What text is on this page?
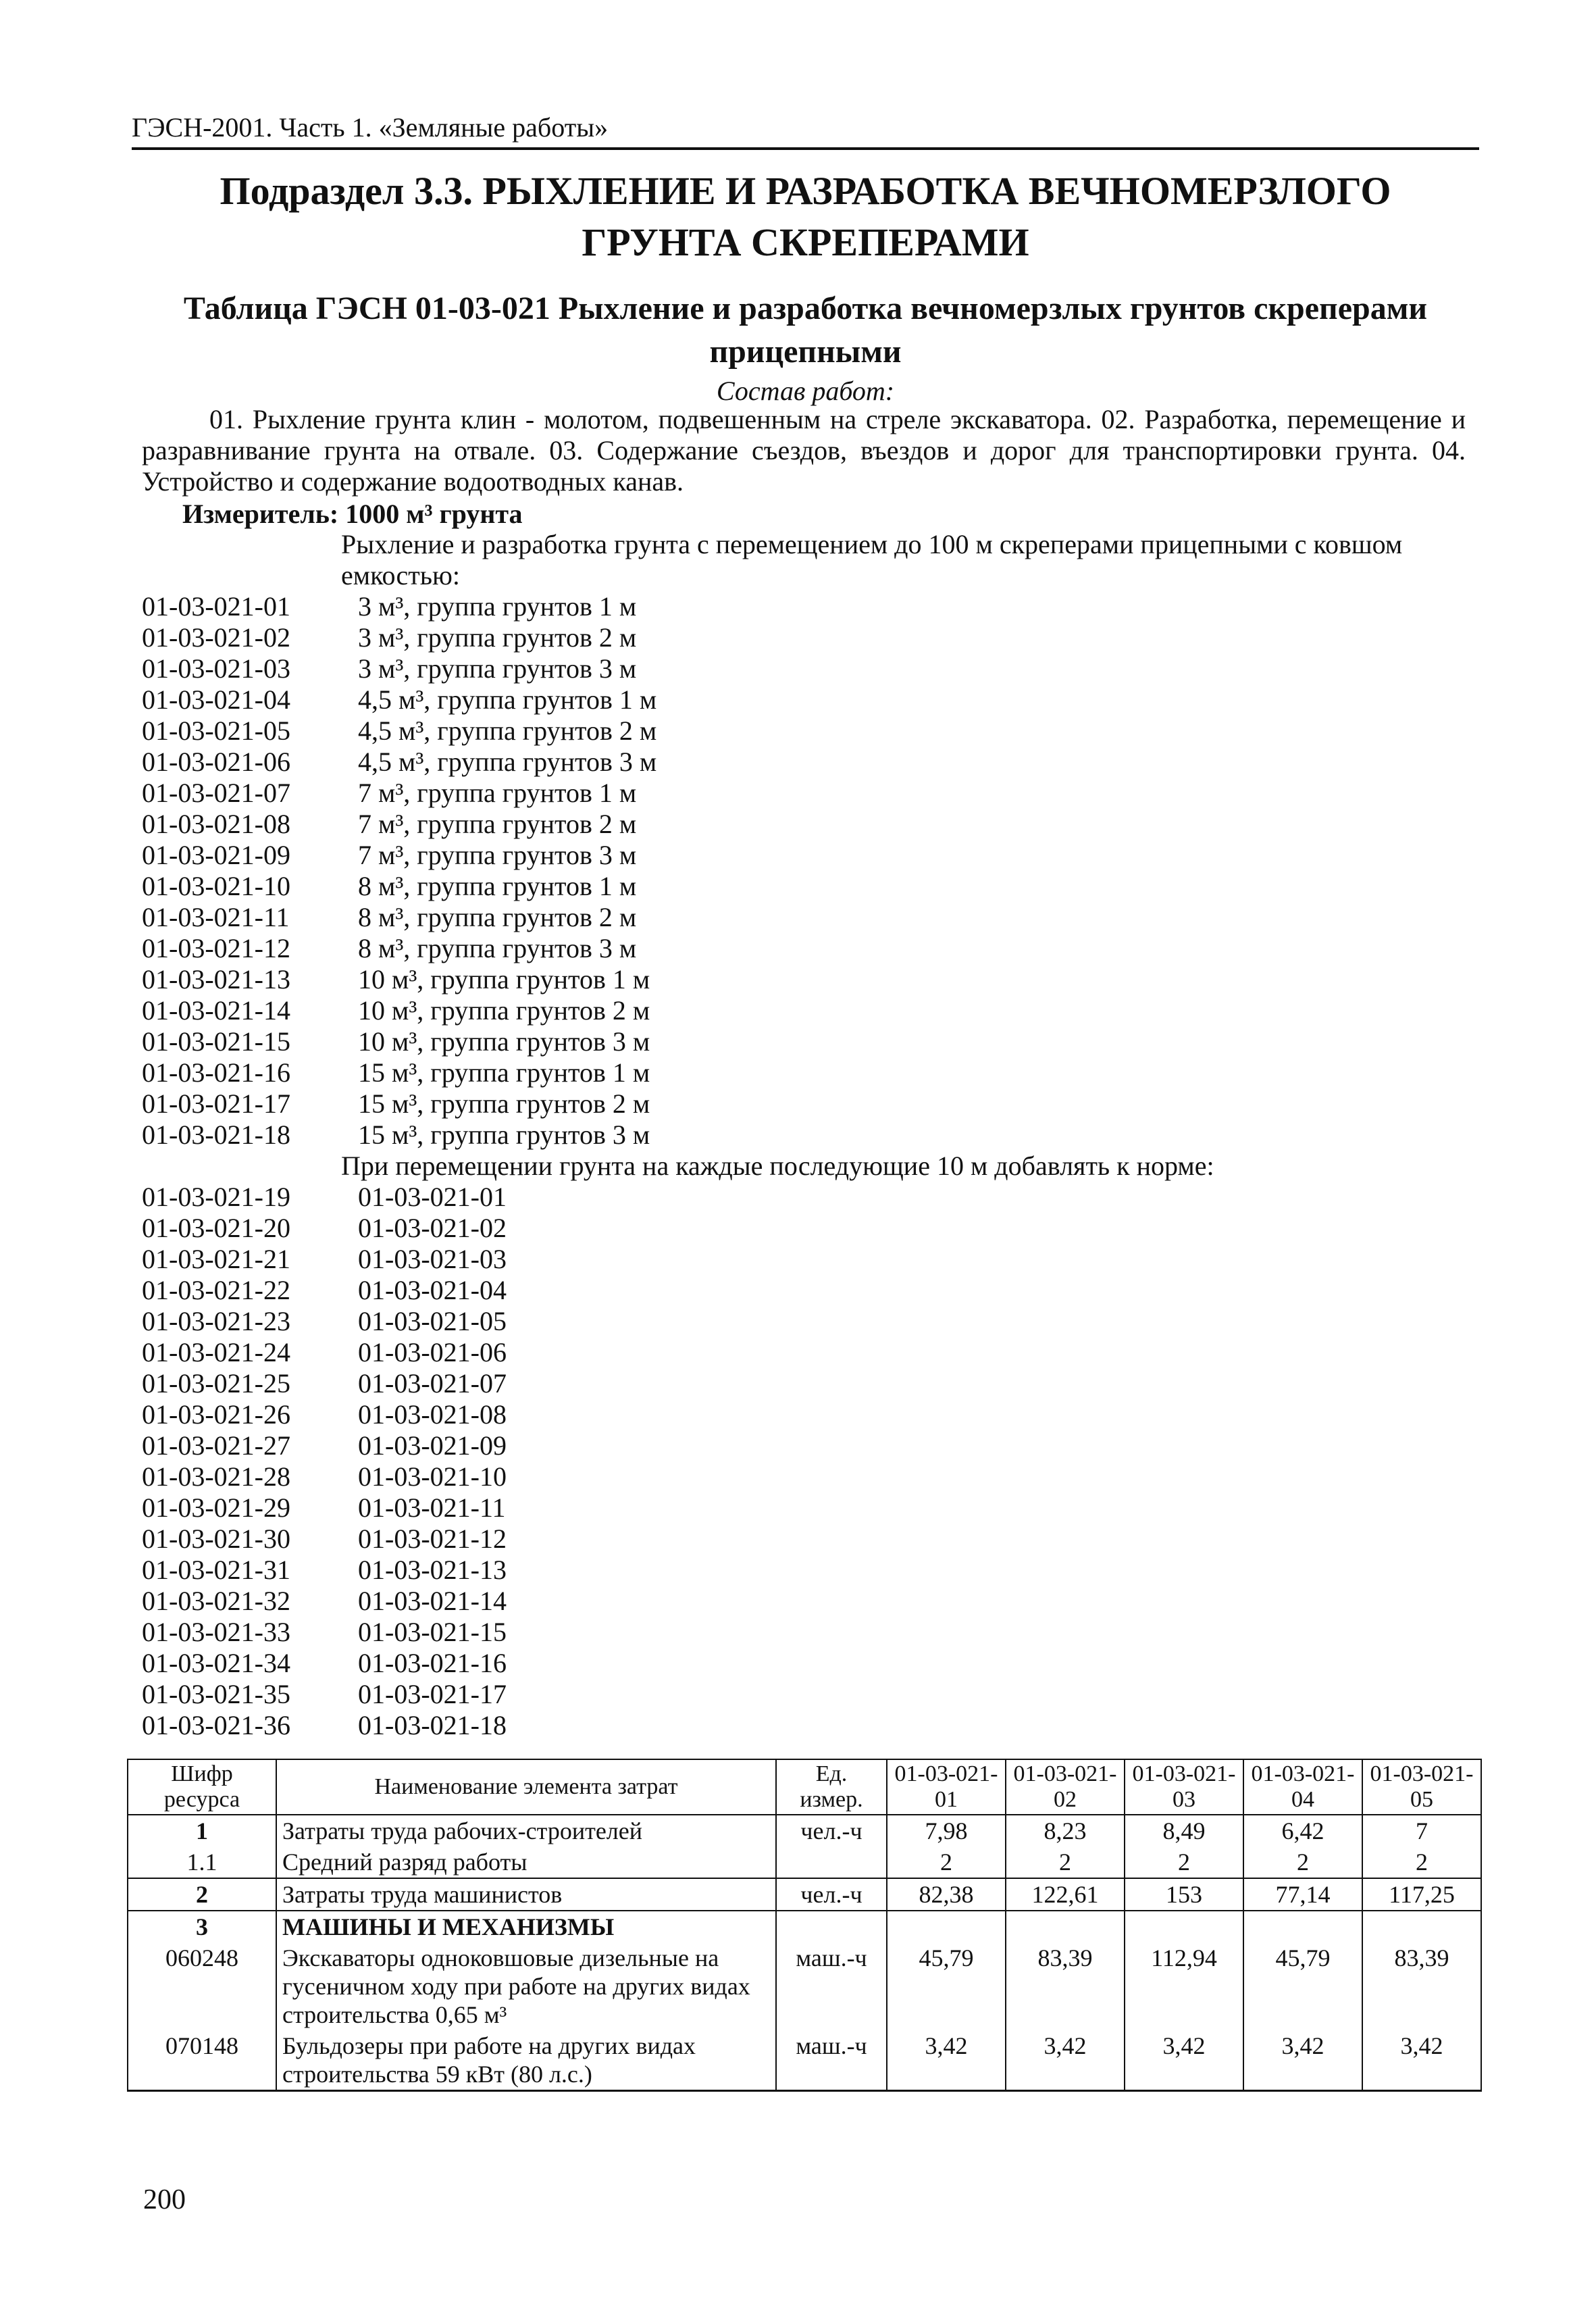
ГЭСН-2001. Часть 1. «Земляные работы»
Подраздел 3.3. РЫХЛЕНИЕ И РАЗРАБОТКА ВЕЧНОМЕРЗЛОГО
ГРУНТА СКРЕПЕРАМИ
Таблица ГЭСН 01-03-021 Рыхление и разработка вечномерзлых грунтов скреперами
прицепными
Состав работ:
01. Рыхление грунта клин - молотом, подвешенным на стреле экскаватора. 02. Разработка, перемещение и разравнивание грунта на отвале. 03. Содержание съездов, въездов и дорог для транспортировки грунта. 04. Устройство и содержание водоотводных канав.
Измеритель: 1000 м³ грунта
Рыхление и разработка грунта с перемещением до 100 м скреперами прицепными с ковшом емкостью:
01-03-021-01	3 м³, группа грунтов 1 м
01-03-021-02	3 м³, группа грунтов 2 м
01-03-021-03	3 м³, группа грунтов 3 м
01-03-021-04	4,5 м³, группа грунтов 1 м
01-03-021-05	4,5 м³, группа грунтов 2 м
01-03-021-06	4,5 м³, группа грунтов 3 м
01-03-021-07	7 м³, группа грунтов 1 м
01-03-021-08	7 м³, группа грунтов 2 м
01-03-021-09	7 м³, группа грунтов 3 м
01-03-021-10	8 м³, группа грунтов 1 м
01-03-021-11	8 м³, группа грунтов 2 м
01-03-021-12	8 м³, группа грунтов 3 м
01-03-021-13	10 м³, группа грунтов 1 м
01-03-021-14	10 м³, группа грунтов 2 м
01-03-021-15	10 м³, группа грунтов 3 м
01-03-021-16	15 м³, группа грунтов 1 м
01-03-021-17	15 м³, группа грунтов 2 м
01-03-021-18	15 м³, группа грунтов 3 м
При перемещении грунта на каждые последующие 10 м добавлять к норме:
01-03-021-19	01-03-021-01
01-03-021-20	01-03-021-02
01-03-021-21	01-03-021-03
01-03-021-22	01-03-021-04
01-03-021-23	01-03-021-05
01-03-021-24	01-03-021-06
01-03-021-25	01-03-021-07
01-03-021-26	01-03-021-08
01-03-021-27	01-03-021-09
01-03-021-28	01-03-021-10
01-03-021-29	01-03-021-11
01-03-021-30	01-03-021-12
01-03-021-31	01-03-021-13
01-03-021-32	01-03-021-14
01-03-021-33	01-03-021-15
01-03-021-34	01-03-021-16
01-03-021-35	01-03-021-17
01-03-021-36	01-03-021-18
Шифр ресурса	Наименование элемента затрат	Ед. измер.	01-03-021-01	01-03-021-02	01-03-021-03	01-03-021-04	01-03-021-05
1	Затраты труда рабочих-строителей	чел.-ч	7,98	8,23	8,49	6,42	7
1.1	Средний разряд работы		2	2	2	2	2
2	Затраты труда машинистов	чел.-ч	82,38	122,61	153	77,14	117,25
3	МАШИНЫ И МЕХАНИЗМЫ						
060248	Экскаваторы одноковшовые дизельные на гусеничном ходу при работе на других видах строительства 0,65 м³	маш.-ч	45,79	83,39	112,94	45,79	83,39
070148	Бульдозеры при работе на других видах строительства 59 кВт (80 л.с.)	маш.-ч	3,42	3,42	3,42	3,42	3,42
200
